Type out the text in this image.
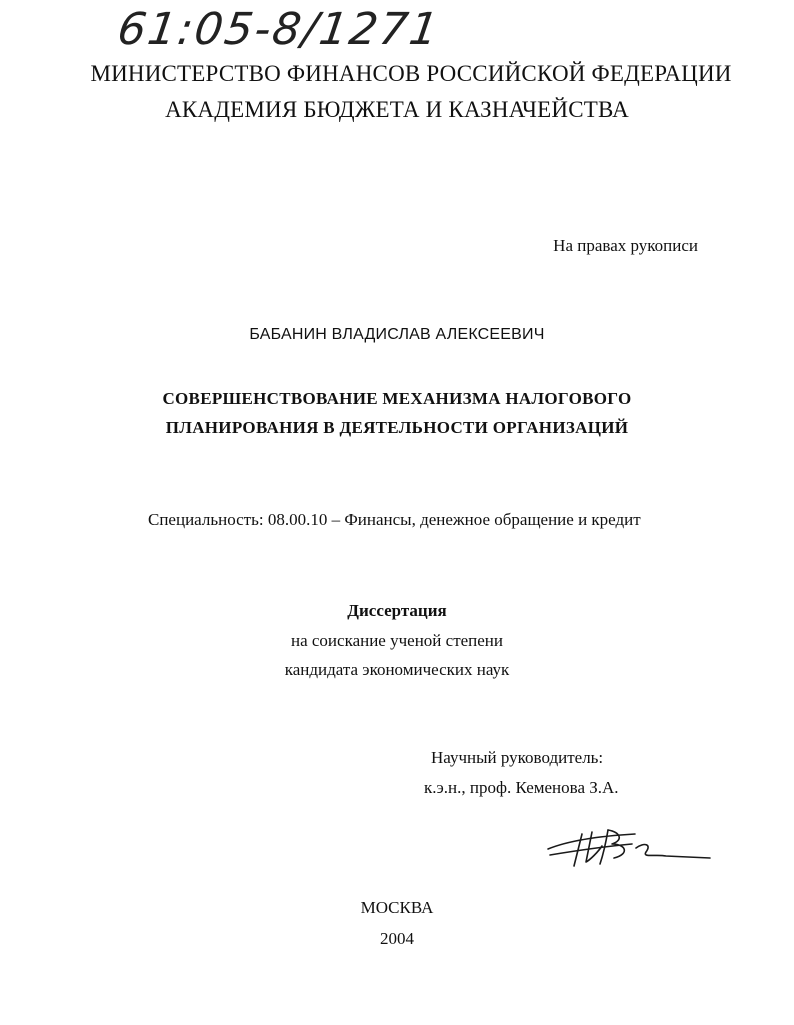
61:05-8/1271
МИНИСТЕРСТВО ФИНАНСОВ РОССИЙСКОЙ ФЕДЕРАЦИИ
АКАДЕМИЯ БЮДЖЕТА И КАЗНАЧЕЙСТВА
На правах рукописи
БАБАНИН ВЛАДИСЛАВ АЛЕКСЕЕВИЧ
СОВЕРШЕНСТВОВАНИЕ МЕХАНИЗМА НАЛОГОВОГО
ПЛАНИРОВАНИЯ В ДЕЯТЕЛЬНОСТИ ОРГАНИЗАЦИЙ
Специальность: 08.00.10 – Финансы, денежное обращение и кредит
Диссертация
на соискание ученой степени
кандидата экономических наук
Научный руководитель:
к.э.н., проф. Кеменова З.А.
МОСКВА
2004
